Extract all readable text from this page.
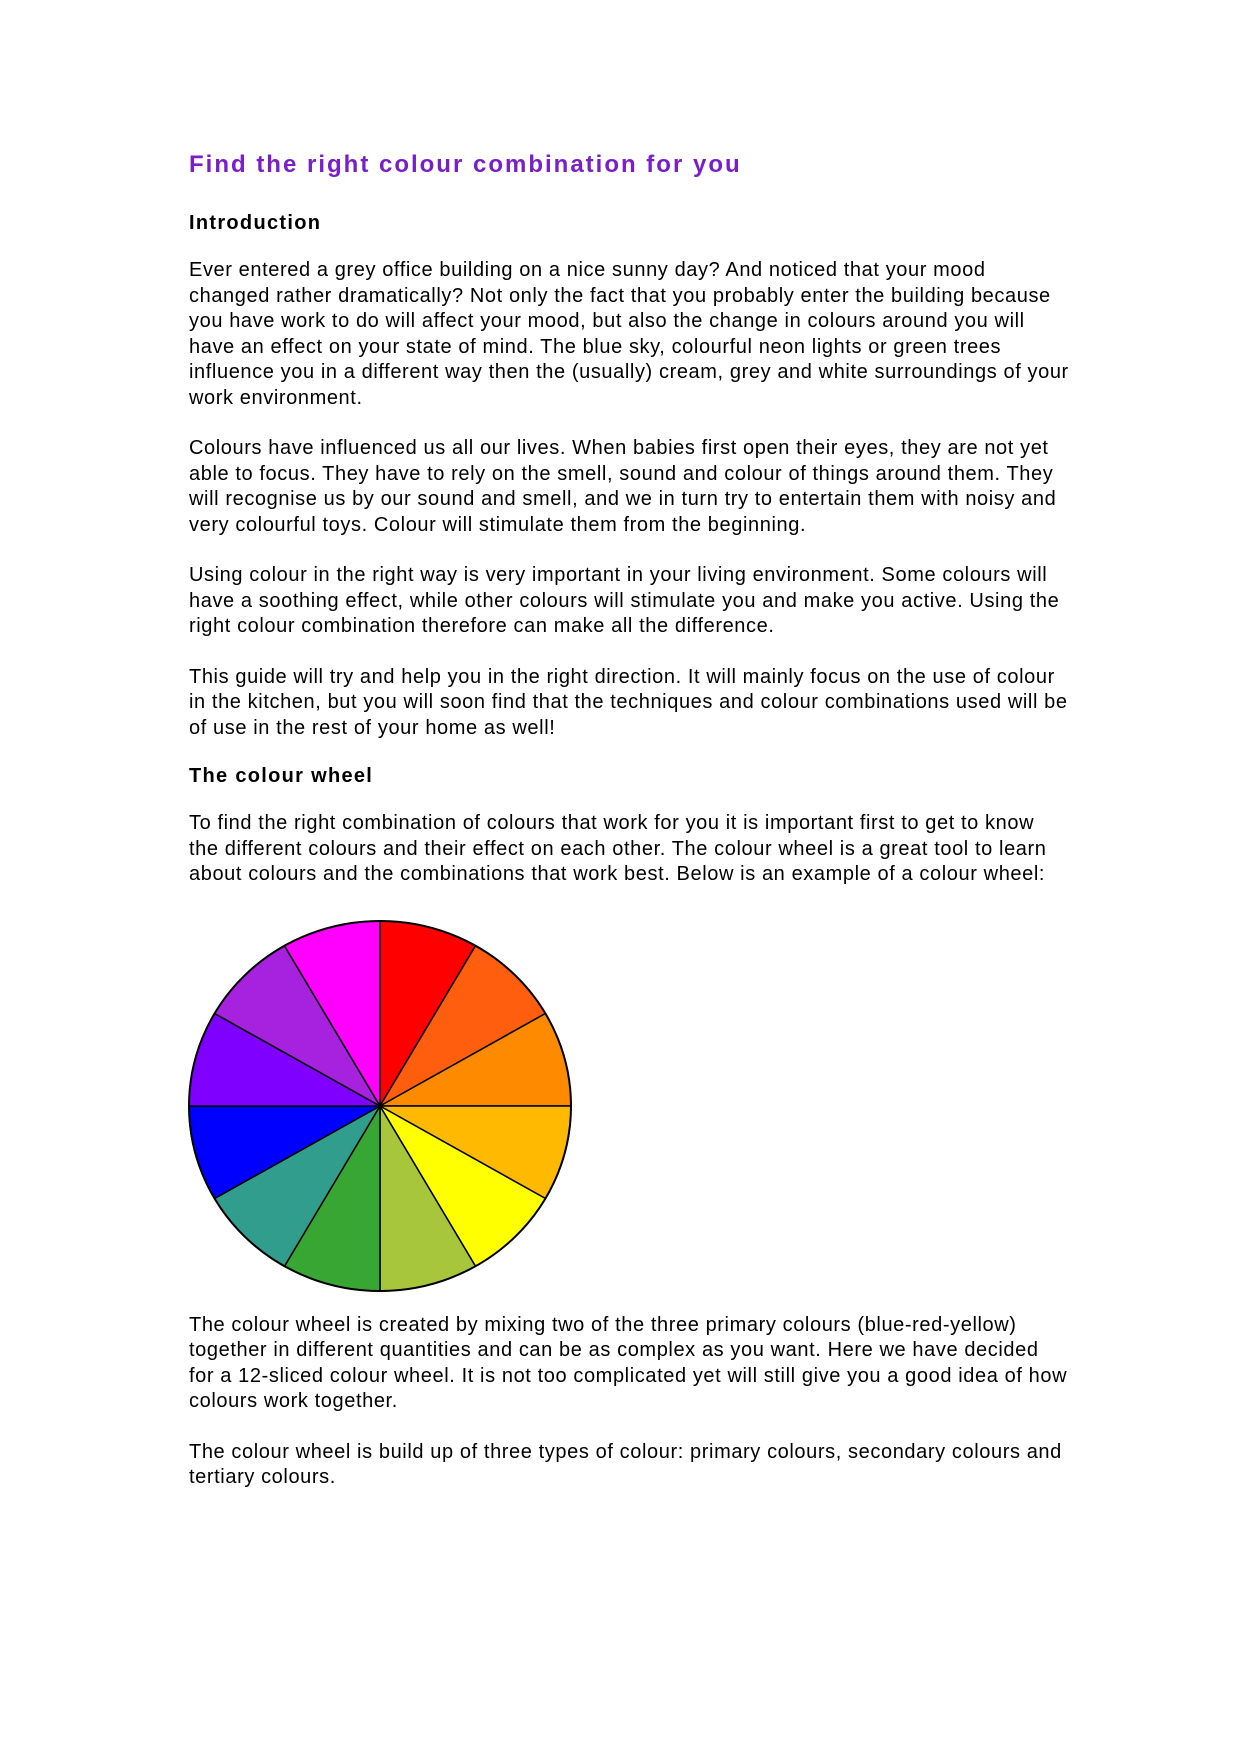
Find the right colour combination for you
Introduction

Ever entered a grey office building on a nice sunny day? And noticed that your mood changed rather dramatically? Not only the fact that you probably enter the building because you have work to do will affect your mood, but also the change in colours around you will have an effect on your state of mind. The blue sky, colourful neon lights or green trees influence you in a different way then the (usually) cream, grey and white surroundings of your work environment.

Colours have influenced us all our lives. When babies first open their eyes, they are not yet able to focus. They have to rely on the smell, sound and colour of things around them. They will recognise us by our sound and smell, and we in turn try to entertain them with noisy and very colourful toys. Colour will stimulate them from the beginning.

Using colour in the right way is very important in your living environment. Some colours will have a soothing effect, while other colours will stimulate you and make you active. Using the right colour combination therefore can make all the difference.

This guide will try and help you in the right direction. It will mainly focus on the use of colour in the kitchen, but you will soon find that the techniques and colour combinations used will be of use in the rest of your home as well!

The colour wheel

To find the right combination of colours that work for you it is important first to get to know the different colours and their effect on each other. The colour wheel is a great tool to learn about colours and the combinations that work best. Below is an example of a colour wheel:

The colour wheel is created by mixing two of the three primary colours (blue-red-yellow) together in different quantities and can be as complex as you want. Here we have decided for a 12-sliced colour wheel. It is not too complicated yet will still give you a good idea of how colours work together.

The colour wheel is build up of three types of colour: primary colours, secondary colours and tertiary colours.
